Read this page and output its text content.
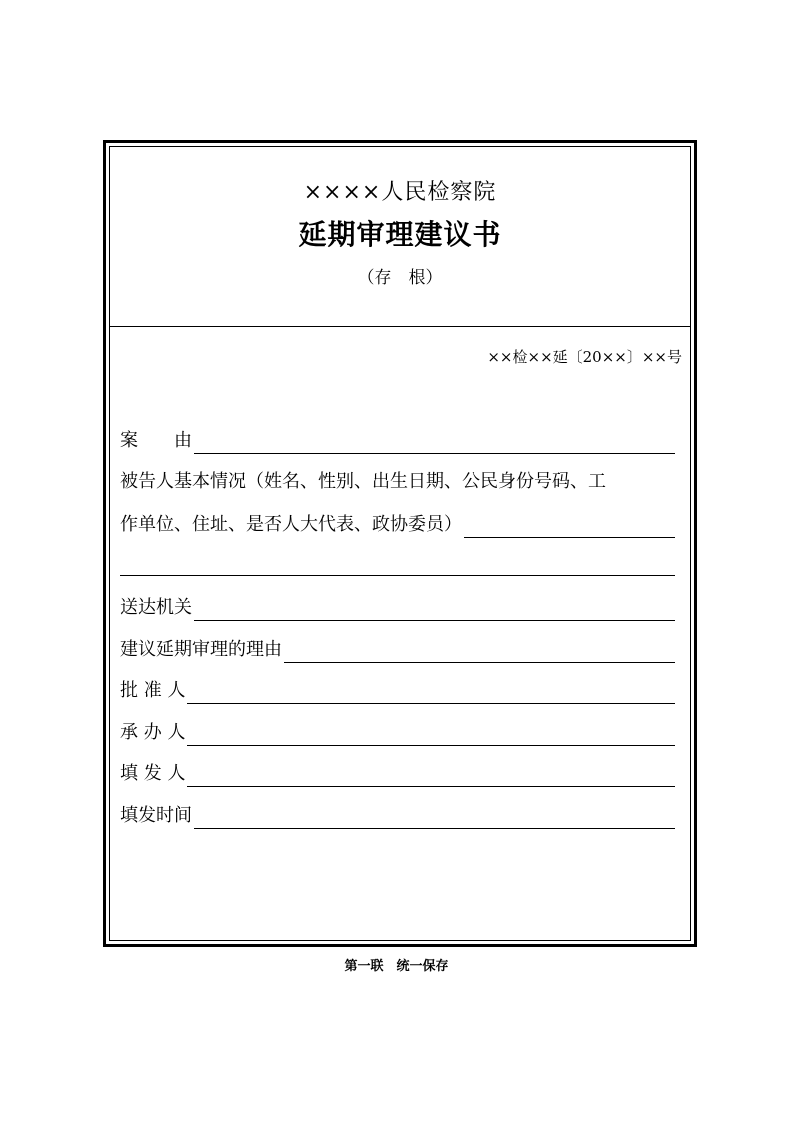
××××人民检察院
延期审理建议书
（存　根）
××检××延〔20××〕××号
案　　由
被告人基本情况（姓名、性别、出生日期、公民身份号码、工
作单位、住址、是否人大代表、政协委员）
送达机关
建议延期审理的理由
批 准 人
承 办 人
填 发 人
填发时间
第一联　统一保存
